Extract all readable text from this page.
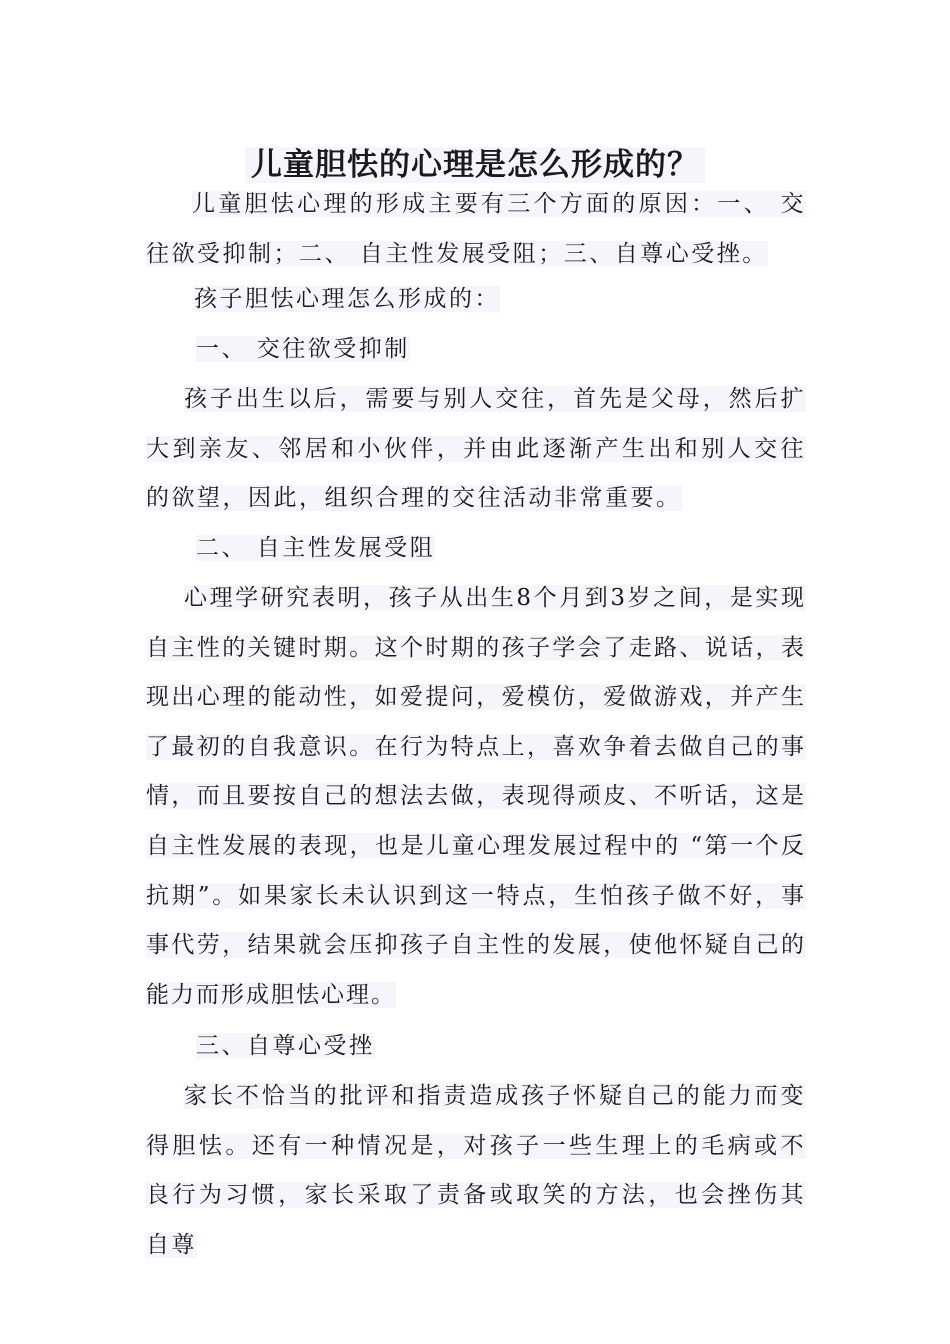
儿童胆怯的心理是怎么形成的？

儿童胆怯心理的形成主要有三个方面的原因：一、 交往欲受抑制；二、 自主性发展受阻；三、自尊心受挫。

孩子胆怯心理怎么形成的：

一、 交往欲受抑制

孩子出生以后，需要与别人交往，首先是父母，然后扩大到亲友、邻居和小伙伴，并由此逐渐产生出和别人交往的欲望，因此，组织合理的交往活动非常重要。

二、 自主性发展受阻

心理学研究表明，孩子从出生8个月到3岁之间，是实现自主性的关键时期。这个时期的孩子学会了走路、说话，表现出心理的能动性，如爱提问，爱模仿，爱做游戏，并产生了最初的自我意识。在行为特点上，喜欢争着去做自己的事情，而且要按自己的想法去做，表现得顽皮、不听话，这是自主性发展的表现，也是儿童心理发展过程中的 “第一个反抗期”。如果家长未认识到这一特点，生怕孩子做不好，事事代劳，结果就会压抑孩子自主性的发展，使他怀疑自己的能力而形成胆怯心理。

三、自尊心受挫

家长不恰当的批评和指责造成孩子怀疑自己的能力而变得胆怯。还有一种情况是，对孩子一些生理上的毛病或不良行为习惯，家长采取了责备或取笑的方法，也会挫伤其自尊
